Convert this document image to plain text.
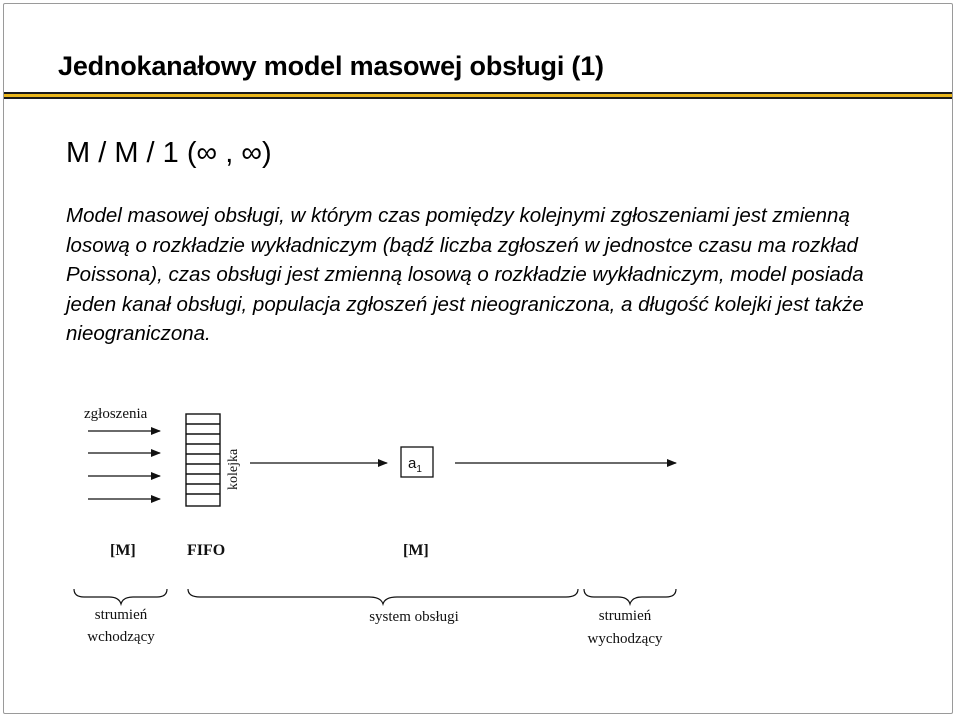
Jednokanałowy model masowej obsługi (1)
M / M / 1 (∞ , ∞)
Model masowej obsługi, w którym czas pomiędzy kolejnymi zgłoszeniami jest zmienną losową o rozkładzie wykładniczym (bądź liczba zgłoszeń w jednostce czasu ma rozkład Poissona), czas obsługi jest zmienną losową o rozkładzie wykładniczym, model posiada jeden kanał obsługi, populacja zgłoszeń jest nieograniczona, a długość kolejki jest także nieograniczona.
zgłoszenia
kolejka	$a_1$
[M]	FIFO	[M]
strumień
wchodzący
system obsługi	strumień
wychodzący
